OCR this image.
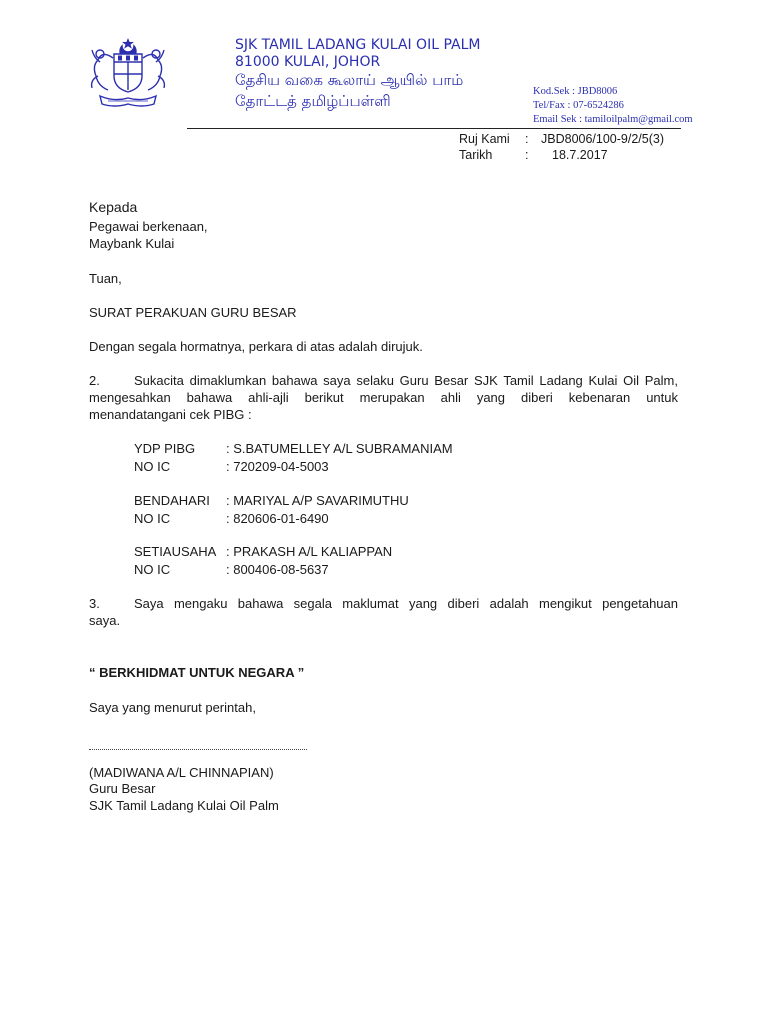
SJK TAMIL LADANG KULAI OIL PALM
81000 KULAI, JOHOR
தேசிய வகை கூலாய் ஆயில் பாம்
தோட்டத் தமிழ்ப்பள்ளி
Kod.Sek : JBD8006
Tel/Fax : 07-6524286
Email Sek : tamiloilpalm@gmail.com
Ruj Kami : JBD8006/100-9/2/5(3)
Tarikh	: 18.7.2017
Kepada
Pegawai berkenaan,
Maybank Kulai
Tuan,
SURAT PERAKUAN GURU BESAR
Dengan segala hormatnya, perkara di atas adalah dirujuk.
2.	Sukacita dimaklumkan bahawa saya selaku Guru Besar SJK Tamil Ladang Kulai Oil Palm,
mengesahkan bahawa ahli-ajli berikut merupakan ahli yang diberi kebenaran untuk
menandatangani cek PIBG :
YDP PIBG : S.BATUMELLEY A/L SUBRAMANIAM
NO IC	: 720209-04-5003
BENDAHARI : MARIYAL A/P SAVARIMUTHU
NO IC	: 820606-01-6490
SETIAUSAHA : PRAKASH A/L KALIAPPAN
NO IC	: 800406-08-5637
3.	Saya mengaku bahawa segala maklumat yang diberi adalah mengikut pengetahuan
saya.
“ BERKHIDMAT UNTUK NEGARA ”
Saya yang menurut perintah,
(MADIWANA A/L CHINNAPIAN)
Guru Besar
SJK Tamil Ladang Kulai Oil Palm
